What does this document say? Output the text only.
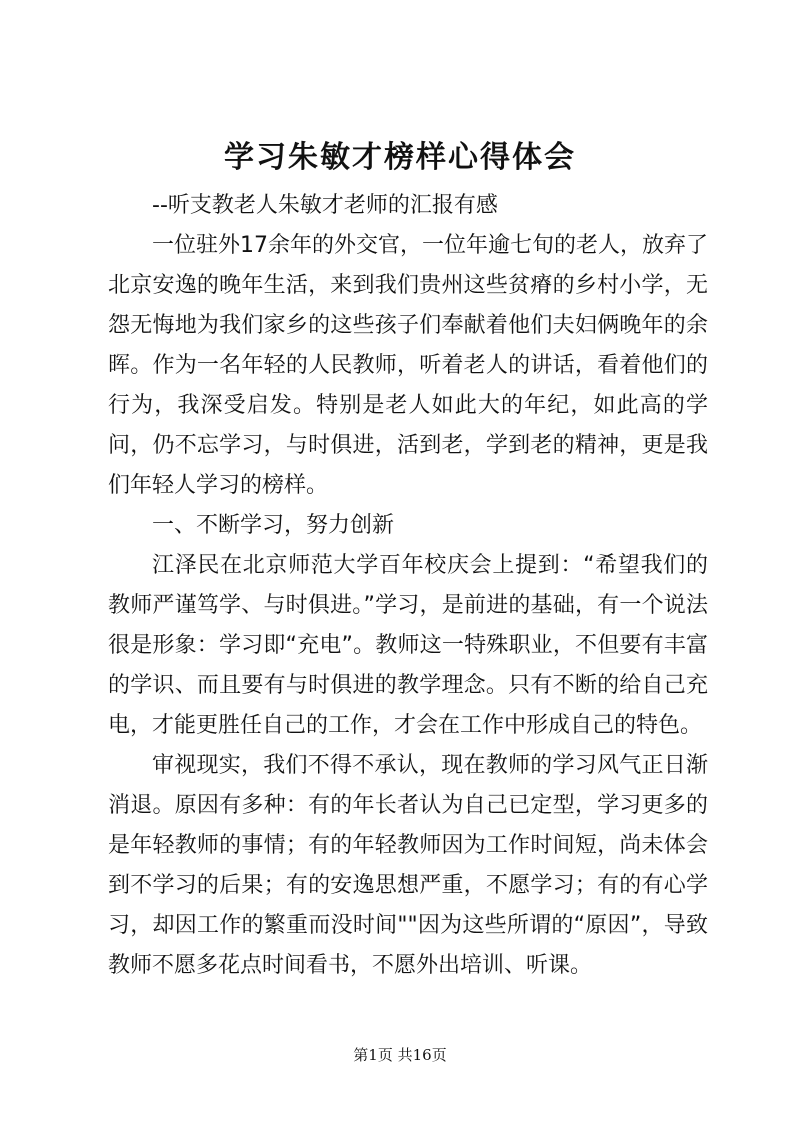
学习朱敏才榜样心得体会

--听支教老人朱敏才老师的汇报有感

一位驻外17余年的外交官，一位年逾七旬的老人，放弃了北京安逸的晚年生活，来到我们贵州这些贫瘠的乡村小学，无怨无悔地为我们家乡的这些孩子们奉献着他们夫妇俩晚年的余晖。作为一名年轻的人民教师，听着老人的讲话，看着他们的行为，我深受启发。特别是老人如此大的年纪，如此高的学问，仍不忘学习，与时俱进，活到老，学到老的精神，更是我们年轻人学习的榜样。

一、不断学习，努力创新

江泽民在北京师范大学百年校庆会上提到：“希望我们的教师严谨笃学、与时俱进。”学习，是前进的基础，有一个说法很是形象：学习即“充电”。教师这一特殊职业，不但要有丰富的学识、而且要有与时俱进的教学理念。只有不断的给自己充电，才能更胜任自己的工作，才会在工作中形成自己的特色。

审视现实，我们不得不承认，现在教师的学习风气正日渐消退。原因有多种：有的年长者认为自己已定型，学习更多的是年轻教师的事情；有的年轻教师因为工作时间短，尚未体会到不学习的后果；有的安逸思想严重，不愿学习；有的有心学习，却因工作的繁重而没时间""因为这些所谓的“原因”，导致教师不愿多花点时间看书，不愿外出培训、听课。

第1页 共16页
